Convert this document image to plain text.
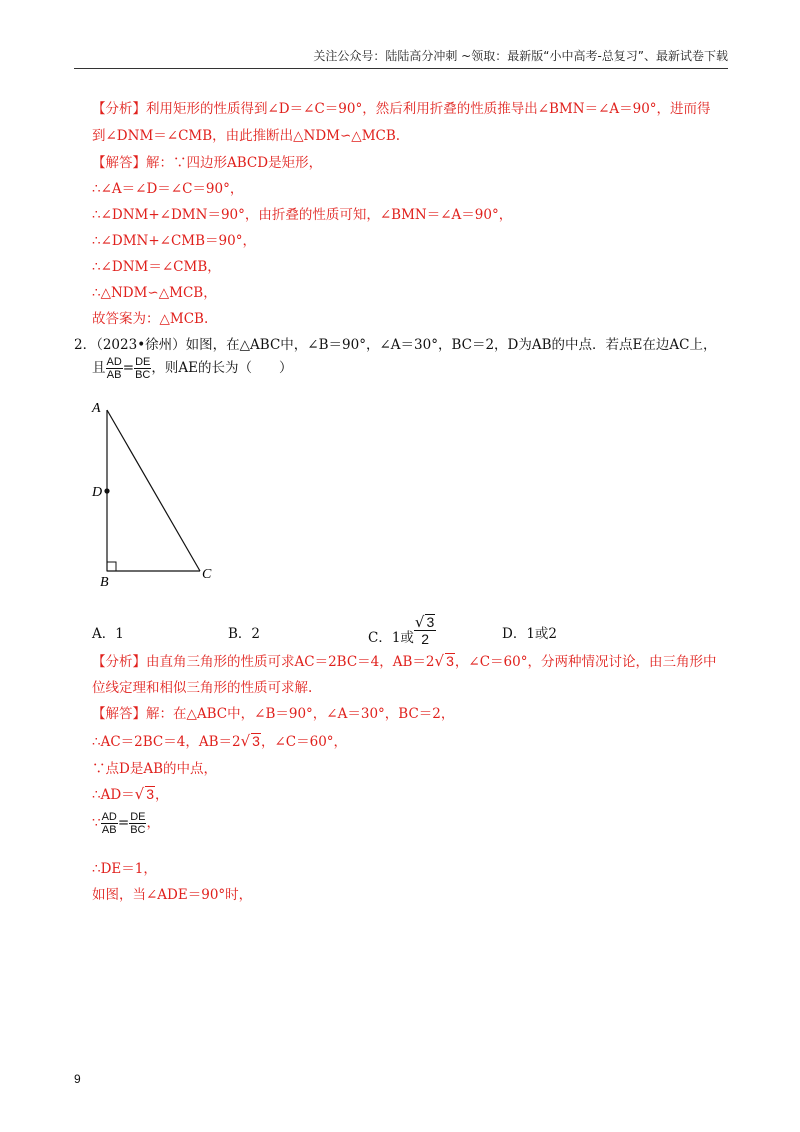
关注公众号：陆陆高分冲刺 ~领取：最新版“小中高考-总复习”、最新试卷下载
【分析】利用矩形的性质得到∠D＝∠C＝90°，然后利用折叠的性质推导出∠BMN＝∠A＝90°，进而得
到∠DNM＝∠CMB，由此推断出△NDM∽△MCB.
【解答】解：∵四边形ABCD是矩形，
∴∠A＝∠D＝∠C＝90°，
∴∠DNM+∠DMN＝90°，由折叠的性质可知，∠BMN＝∠A＝90°，
∴∠DMN+∠CMB＝90°，
∴∠DNM＝∠CMB，
∴△NDM∽△MCB，
故答案为：△MCB.
2．（2023•徐州）如图，在△ABC中，∠B＝90°，∠A＝30°，BC＝2，D为AB的中点．若点E在边AC上，
且 $\frac{AD}{AB} = \frac{DE}{BC}$ ，则AE的长为（　　）
A
D
B
C
A．1	B．2	C．1或 $\frac{√ 3}{2}$	D．1或2
【分析】由直角三角形的性质可求AC＝2BC＝4，AB＝2√ 3，∠C＝60°，分两种情况讨论，由三角形中
位线定理和相似三角形的性质可求解.
【解答】解：在△ABC中，∠B＝90°，∠A＝30°，BC＝2，
∴AC＝2BC＝4，AB＝2√ 3，∠C＝60°，
∵点D是AB的中点，
∴AD＝√ 3，
∵ $\frac{AD}{AB} = \frac{DE}{BC}$ ，
∴DE＝1，
如图，当∠ADE＝90°时，
9
